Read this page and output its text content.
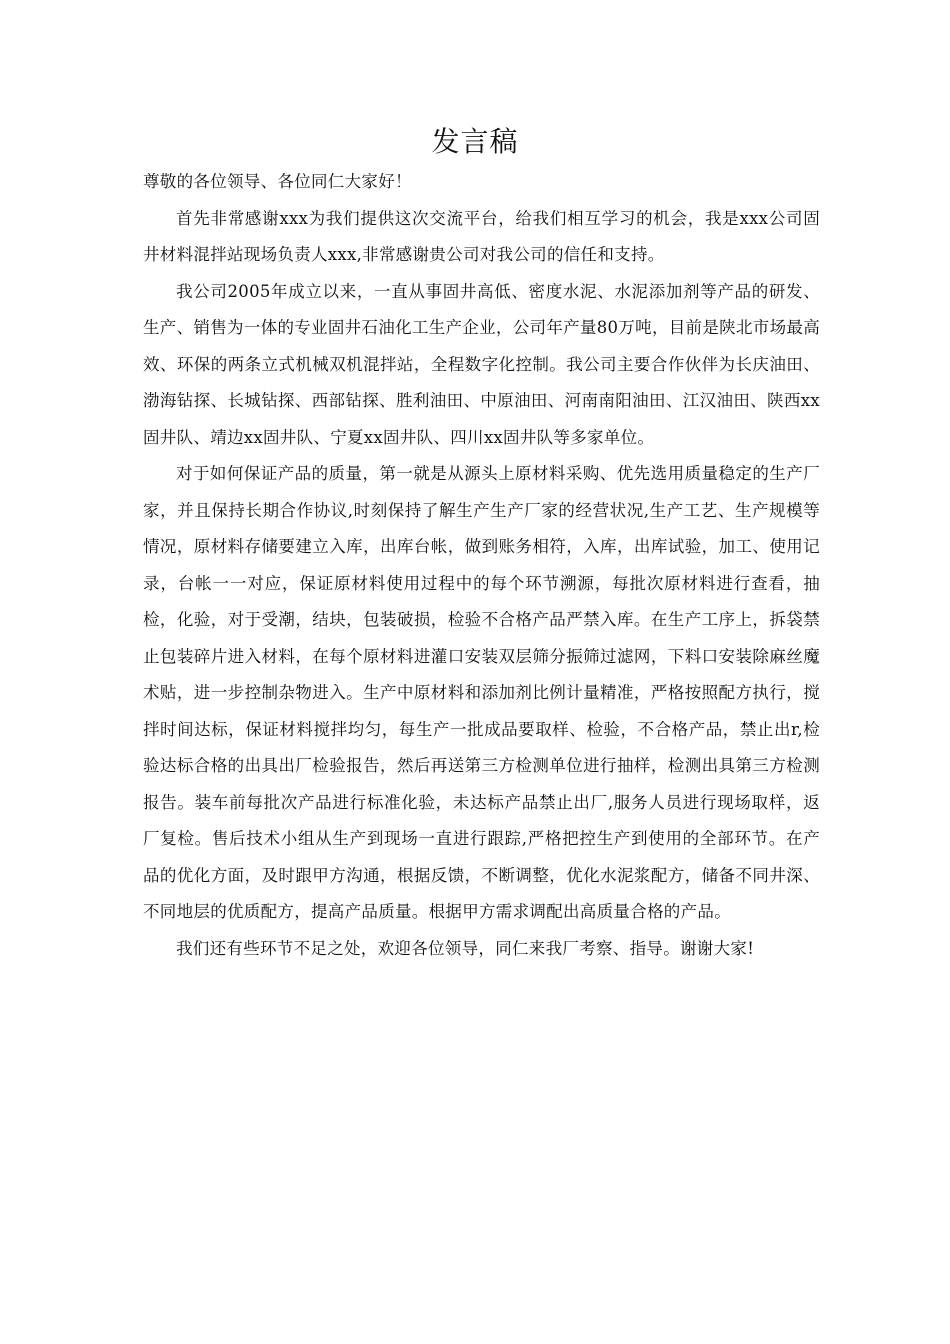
发言稿

尊敬的各位领导、各位同仁大家好！

首先非常感谢xxx为我们提供这次交流平台，给我们相互学习的机会，我是xxx公司固井材料混拌站现场负责人xxx,非常感谢贵公司对我公司的信任和支持。

我公司2005年成立以来，一直从事固井高低、密度水泥、水泥添加剂等产品的研发、生产、销售为一体的专业固井石油化工生产企业，公司年产量80万吨，目前是陕北市场最高效、环保的两条立式机械双机混拌站，全程数字化控制。我公司主要合作伙伴为长庆油田、渤海钻探、长城钻探、西部钻探、胜利油田、中原油田、河南南阳油田、江汉油田、陕西xx固井队、靖边xx固井队、宁夏xx固井队、四川xx固井队等多家单位。

对于如何保证产品的质量，第一就是从源头上原材料采购、优先选用质量稳定的生产厂家，并且保持长期合作协议,时刻保持了解生产生产厂家的经营状况,生产工艺、生产规模等情况，原材料存储要建立入库，出库台帐，做到账务相符，入库，出库试验，加工、使用记录，台帐一一对应，保证原材料使用过程中的每个环节溯源，每批次原材料进行查看，抽检，化验，对于受潮，结块，包装破损，检验不合格产品严禁入库。在生产工序上，拆袋禁止包装碎片进入材料，在每个原材料进灌口安装双层筛分振筛过滤网，下料口安装除麻丝魔术贴，进一步控制杂物进入。生产中原材料和添加剂比例计量精准，严格按照配方执行，搅拌时间达标，保证材料搅拌均匀，每生产一批成品要取样、检验，不合格产品，禁止出r,检验达标合格的出具出厂检验报告，然后再送第三方检测单位进行抽样，检测出具第三方检测报告。装车前每批次产品进行标准化验，未达标产品禁止出厂,服务人员进行现场取样，返厂复检。售后技术小组从生产到现场一直进行跟踪,严格把控生产到使用的全部环节。在产品的优化方面，及时跟甲方沟通，根据反馈，不断调整，优化水泥浆配方，储备不同井深、不同地层的优质配方，提高产品质量。根据甲方需求调配出高质量合格的产品。

我们还有些环节不足之处，欢迎各位领导，同仁来我厂考察、指导。谢谢大家!
